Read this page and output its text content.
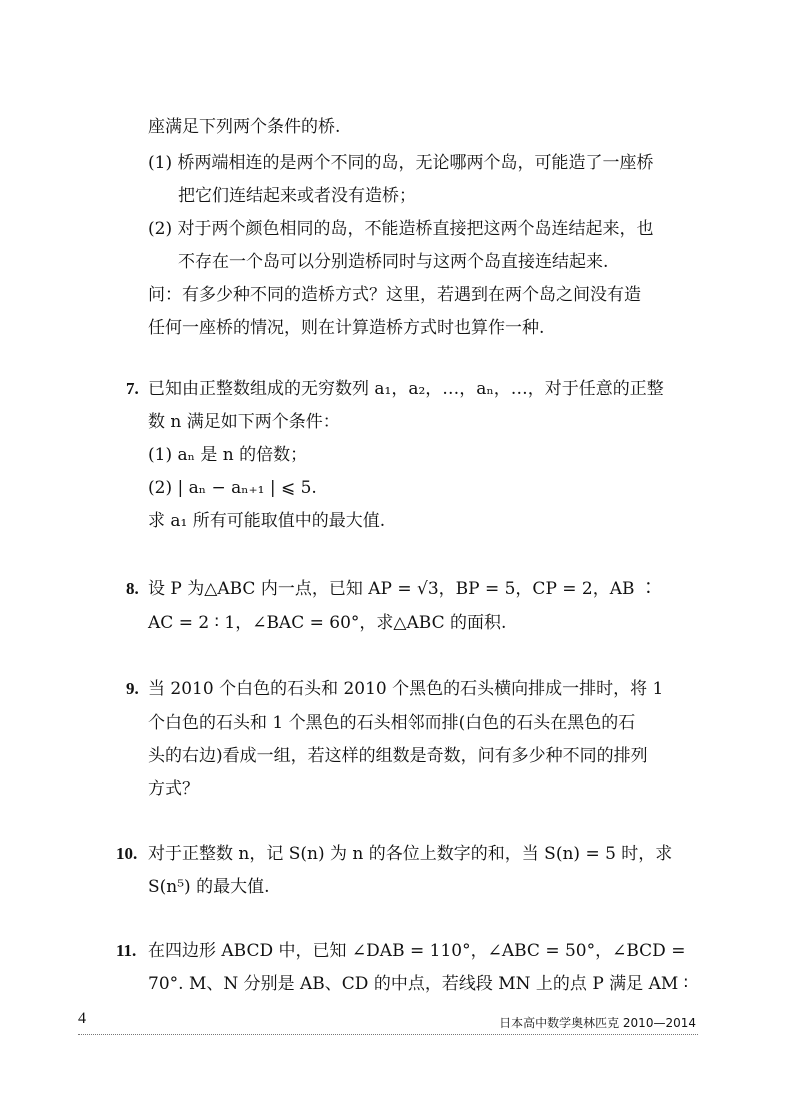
座满足下列两个条件的桥.
(1) 桥两端相连的是两个不同的岛，无论哪两个岛，可能造了一座桥
把它们连结起来或者没有造桥；
(2) 对于两个颜色相同的岛，不能造桥直接把这两个岛连结起来，也
不存在一个岛可以分别造桥同时与这两个岛直接连结起来.
问：有多少种不同的造桥方式？这里，若遇到在两个岛之间没有造
任何一座桥的情况，则在计算造桥方式时也算作一种.
7. 已知由正整数组成的无穷数列 a₁，a₂，…，aₙ，…，对于任意的正整
数 n 满足如下两个条件：
(1) aₙ 是 n 的倍数；
(2) | aₙ − aₙ₊₁ | ⩽ 5.
求 a₁ 所有可能取值中的最大值.
8. 设 P 为△ABC 内一点，已知 AP = √3，BP = 5，CP = 2，AB ∶
AC = 2 ∶ 1，∠BAC = 60°，求△ABC 的面积.
9. 当 2010 个白色的石头和 2010 个黑色的石头横向排成一排时，将 1
个白色的石头和 1 个黑色的石头相邻而排(白色的石头在黑色的石
头的右边)看成一组，若这样的组数是奇数，问有多少种不同的排列
方式？
10. 对于正整数 n，记 S(n) 为 n 的各位上数字的和，当 S(n) = 5 时，求
S(n⁵) 的最大值.
11. 在四边形 ABCD 中，已知 ∠DAB = 110°，∠ABC = 50°，∠BCD =
70°. M、N 分别是 AB、CD 的中点，若线段 MN 上的点 P 满足 AM ∶
4	日本高中数学奥林匹克 2010—2014
